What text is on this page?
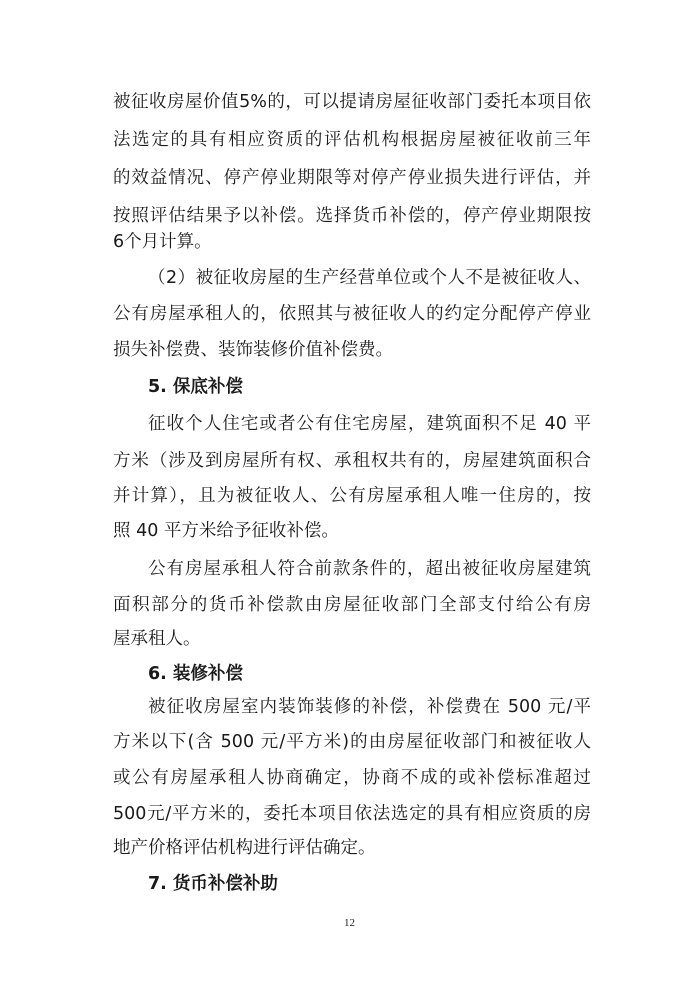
被征收房屋价值5%的，可以提请房屋征收部门委托本项目依
法选定的具有相应资质的评估机构根据房屋被征收前三年
的效益情况、停产停业期限等对停产停业损失进行评估，并
按照评估结果予以补偿。选择货币补偿的，停产停业期限按
6个月计算。
（2）被征收房屋的生产经营单位或个人不是被征收人、
公有房屋承租人的，依照其与被征收人的约定分配停产停业
损失补偿费、装饰装修价值补偿费。
5. 保底补偿
征收个人住宅或者公有住宅房屋，建筑面积不足 40 平
方米（涉及到房屋所有权、承租权共有的，房屋建筑面积合
并计算），且为被征收人、公有房屋承租人唯一住房的，按
照 40 平方米给予征收补偿。
公有房屋承租人符合前款条件的，超出被征收房屋建筑
面积部分的货币补偿款由房屋征收部门全部支付给公有房
屋承租人。
6. 装修补偿
被征收房屋室内装饰装修的补偿，补偿费在 500 元/平
方米以下(含 500 元/平方米)的由房屋征收部门和被征收人
或公有房屋承租人协商确定，协商不成的或补偿标准超过
500元/平方米的，委托本项目依法选定的具有相应资质的房
地产价格评估机构进行评估确定。
7. 货币补偿补助
12
